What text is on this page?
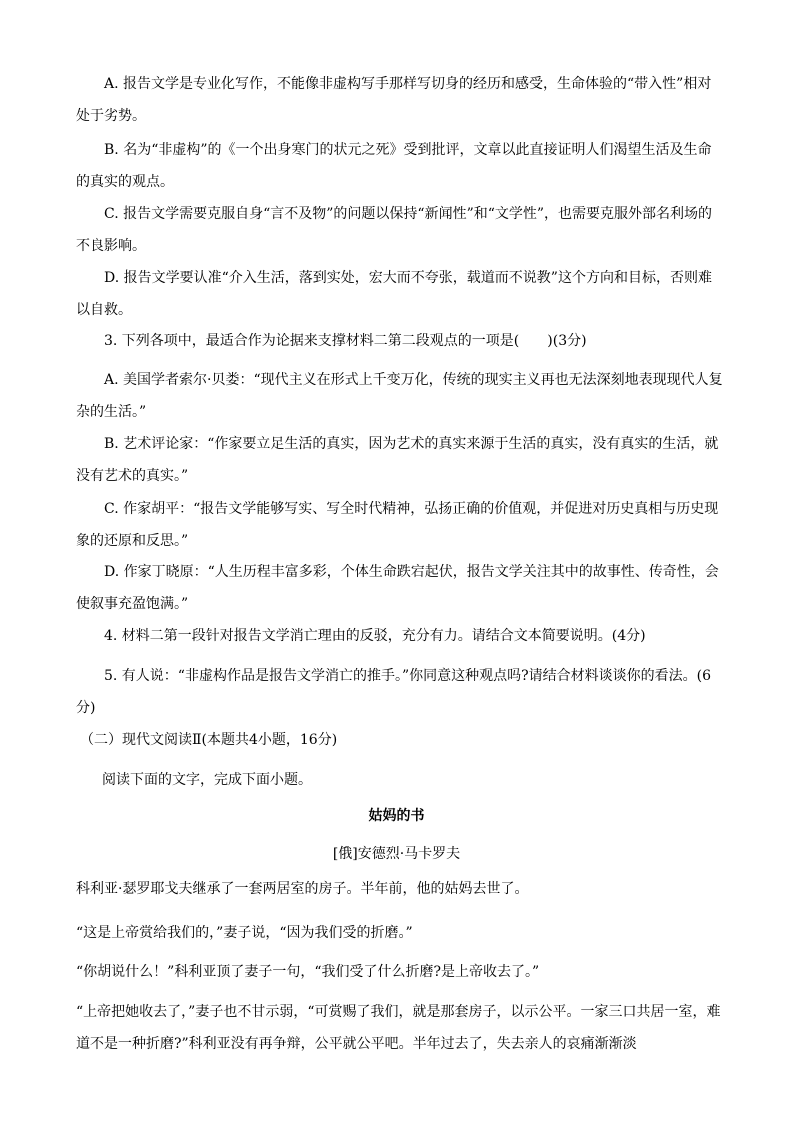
A. 报告文学是专业化写作，不能像非虚构写手那样写切身的经历和感受，生命体验的“带入性”相对处于劣势。

B. 名为“非虚构”的《一个出身寒门的状元之死》受到批评，文章以此直接证明人们渴望生活及生命的真实的观点。

C. 报告文学需要克服自身“言不及物”的问题以保持“新闻性”和“文学性”，也需要克服外部名利场的不良影响。

D. 报告文学要认准“介入生活，落到实处，宏大而不夸张，载道而不说教”这个方向和目标，否则难以自救。

3. 下列各项中，最适合作为论据来支撑材料二第二段观点的一项是(　　)(3分)

A. 美国学者索尔·贝娄：“现代主义在形式上千变万化，传统的现实主义再也无法深刻地表现现代人复杂的生活。”

B. 艺术评论家：“作家要立足生活的真实，因为艺术的真实来源于生活的真实，没有真实的生活，就没有艺术的真实。”

C. 作家胡平：“报告文学能够写实、写全时代精神，弘扬正确的价值观，并促进对历史真相与历史现象的还原和反思。”

D. 作家丁晓原：“人生历程丰富多彩，个体生命跌宕起伏，报告文学关注其中的故事性、传奇性，会使叙事充盈饱满。”

4. 材料二第一段针对报告文学消亡理由的反驳，充分有力。请结合文本简要说明。(4分)

5. 有人说：“非虚构作品是报告文学消亡的推手。”你同意这种观点吗?请结合材料谈谈你的看法。(6分)

（二）现代文阅读Ⅱ(本题共4小题，16分)

阅读下面的文字，完成下面小题。

姑妈的书

[俄]安德烈·马卡罗夫

科利亚·瑟罗耶戈夫继承了一套两居室的房子。半年前，他的姑妈去世了。

“这是上帝赏给我们的，”妻子说，“因为我们受的折磨。”

“你胡说什么！”科利亚顶了妻子一句，“我们受了什么折磨?是上帝收去了。”

“上帝把她收去了，”妻子也不甘示弱，“可赏赐了我们，就是那套房子，以示公平。一家三口共居一室，难道不是一种折磨?”科利亚没有再争辩，公平就公平吧。半年过去了，失去亲人的哀痛渐渐淡
